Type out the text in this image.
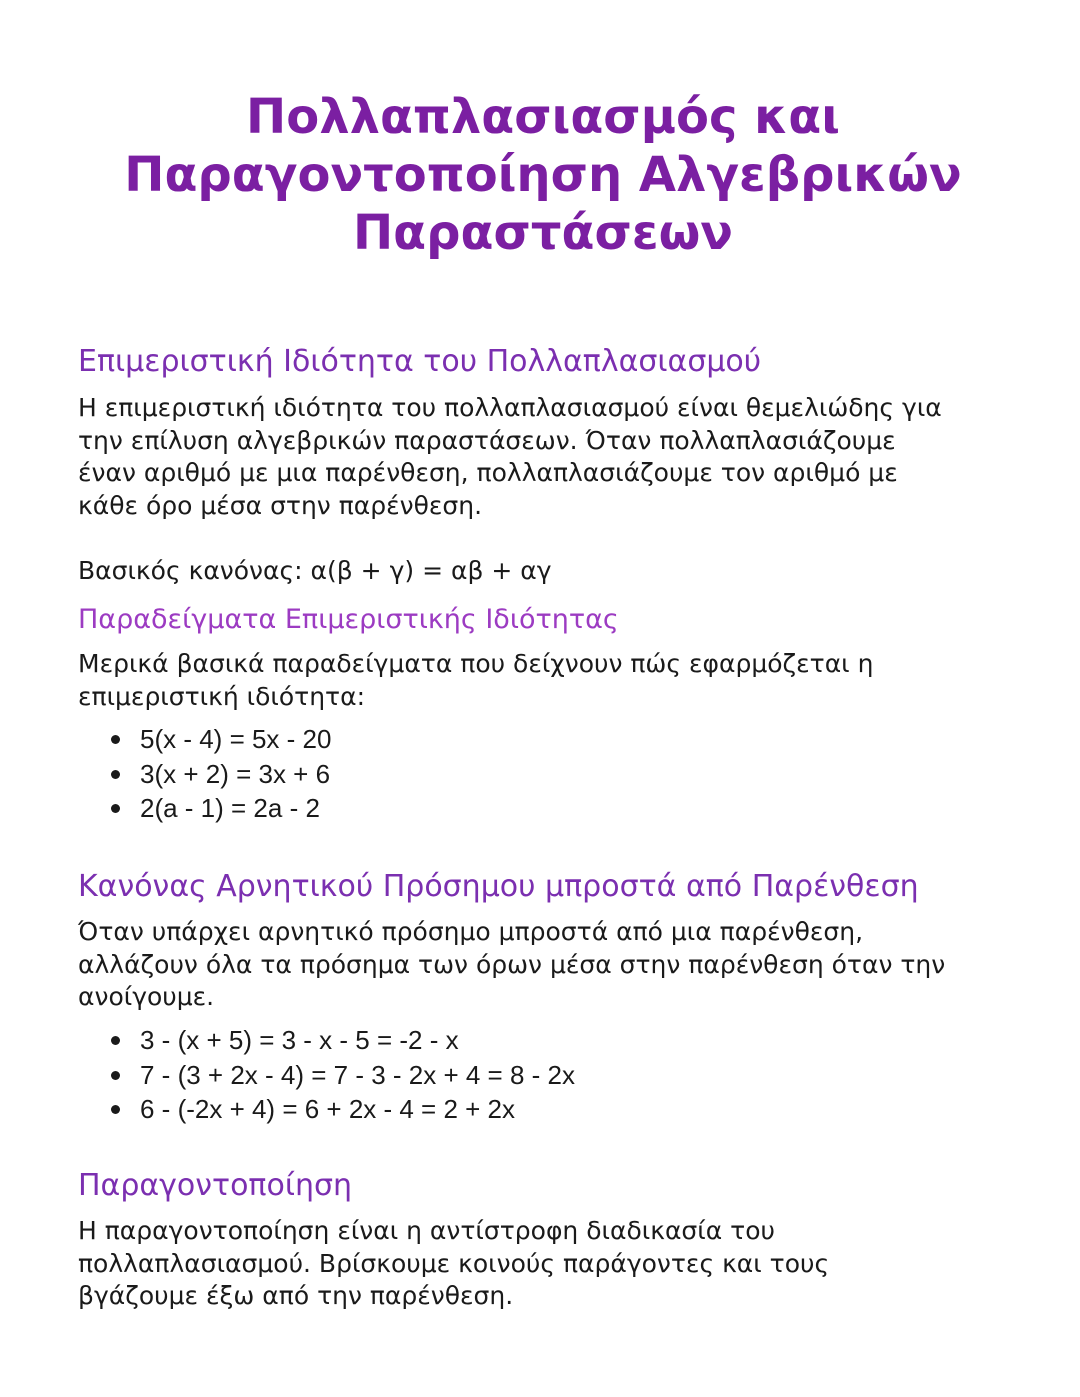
Πολλαπλασιασμός και
Παραγοντοποίηση Αλγεβρικών
Παραστάσεων
Επιμεριστική Ιδιότητα του Πολλαπλασιασμού

Η επιμεριστική ιδιότητα του πολλαπλασιασμού είναι θεμελιώδης για
την επίλυση αλγεβρικών παραστάσεων. Όταν πολλαπλασιάζουμε
έναν αριθμό με μια παρένθεση, πολλαπλασιάζουμε τον αριθμό με
κάθε όρο μέσα στην παρένθεση.

Βασικός κανόνας: α(β + γ) = αβ + αγ

Παραδείγματα Επιμεριστικής Ιδιότητας

Μερικά βασικά παραδείγματα που δείχνουν πώς εφαρμόζεται η
επιμεριστική ιδιότητα:

5(x - 4) = 5x - 20
3(x + 2) = 3x + 6
2(a - 1) = 2a - 2
Κανόνας Αρνητικού Πρόσημου μπροστά από Παρένθεση

Όταν υπάρχει αρνητικό πρόσημο μπροστά από μια παρένθεση,
αλλάζουν όλα τα πρόσημα των όρων μέσα στην παρένθεση όταν την
ανοίγουμε.

3 - (x + 5) = 3 - x - 5 = -2 - x
7 - (3 + 2x - 4) = 7 - 3 - 2x + 4 = 8 - 2x
6 - (-2x + 4) = 6 + 2x - 4 = 2 + 2x
Παραγοντοποίηση

Η παραγοντοποίηση είναι η αντίστροφη διαδικασία του
πολλαπλασιασμού. Βρίσκουμε κοινούς παράγοντες και τους
βγάζουμε έξω από την παρένθεση.
